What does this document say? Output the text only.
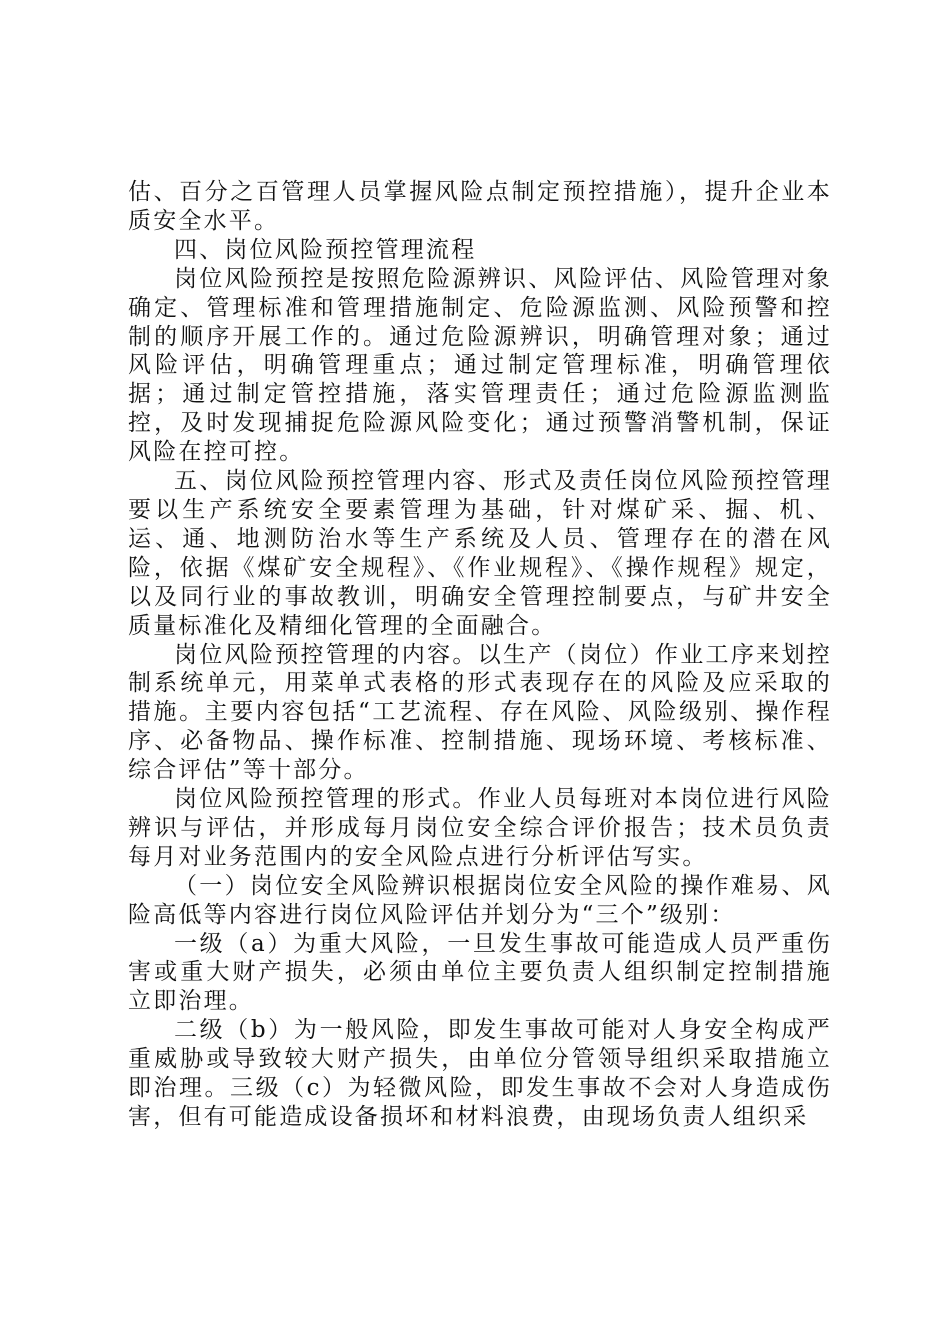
估、百分之百管理人员掌握风险点制定预控措施），提升企业本质安全水平。

四、岗位风险预控管理流程

岗位风险预控是按照危险源辨识、风险评估、风险管理对象确定、管理标准和管理措施制定、危险源监测、风险预警和控制的顺序开展工作的。通过危险源辨识，明确管理对象；通过风险评估，明确管理重点；通过制定管理标准，明确管理依据；通过制定管控措施，落实管理责任；通过危险源监测监控，及时发现捕捉危险源风险变化；通过预警消警机制，保证风险在控可控。

五、岗位风险预控管理内容、形式及责任岗位风险预控管理要以生产系统安全要素管理为基础，针对煤矿采、掘、机、运、通、地测防治水等生产系统及人员、管理存在的潜在风险，依据《煤矿安全规程》、《作业规程》、《操作规程》规定，以及同行业的事故教训，明确安全管理控制要点，与矿井安全质量标准化及精细化管理的全面融合。

岗位风险预控管理的内容。以生产（岗位）作业工序来划控制系统单元，用菜单式表格的形式表现存在的风险及应采取的措施。主要内容包括“工艺流程、存在风险、风险级别、操作程序、必备物品、操作标准、控制措施、现场环境、考核标准、综合评估”等十部分。

岗位风险预控管理的形式。作业人员每班对本岗位进行风险辨识与评估，并形成每月岗位安全综合评价报告；技术员负责每月对业务范围内的安全风险点进行分析评估写实。

（一）岗位安全风险辨识根据岗位安全风险的操作难易、风险高低等内容进行岗位风险评估并划分为“三个”级别：

一级（a）为重大风险，一旦发生事故可能造成人员严重伤害或重大财产损失，必须由单位主要负责人组织制定控制措施立即治理。

二级（b）为一般风险，即发生事故可能对人身安全构成严重威胁或导致较大财产损失，由单位分管领导组织采取措施立即治理。三级（c）为轻微风险，即发生事故不会对人身造成伤害，但有可能造成设备损坏和材料浪费，由现场负责人组织采
